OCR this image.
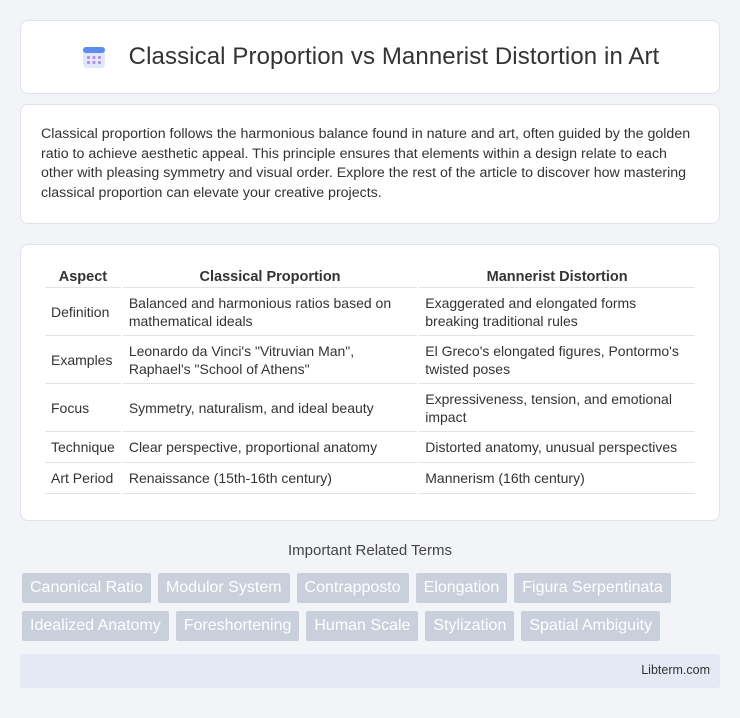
Classical Proportion vs Mannerist Distortion in Art

Classical proportion follows the harmonious balance found in nature and art, often guided by the golden ratio to achieve aesthetic appeal. This principle ensures that elements within a design relate to each other with pleasing symmetry and visual order. Explore the rest of the article to discover how mastering classical proportion can elevate your creative projects.

Aspect	Classical Proportion	Mannerist Distortion
Definition	Balanced and harmonious ratios based on mathematical ideals	Exaggerated and elongated forms breaking traditional rules
Examples	Leonardo da Vinci's "Vitruvian Man", Raphael's "School of Athens"	El Greco's elongated figures, Pontormo's twisted poses
Focus	Symmetry, naturalism, and ideal beauty	Expressiveness, tension, and emotional impact
Technique	Clear perspective, proportional anatomy	Distorted anatomy, unusual perspectives
Art Period	Renaissance (15th-16th century)	Mannerism (16th century)
Important Related Terms
Canonical Ratio	Modulor System	Contrapposto	Elongation	Figura Serpentinata
Idealized Anatomy	Foreshortening	Human Scale	Stylization	Spatial Ambiguity
Libterm.com
